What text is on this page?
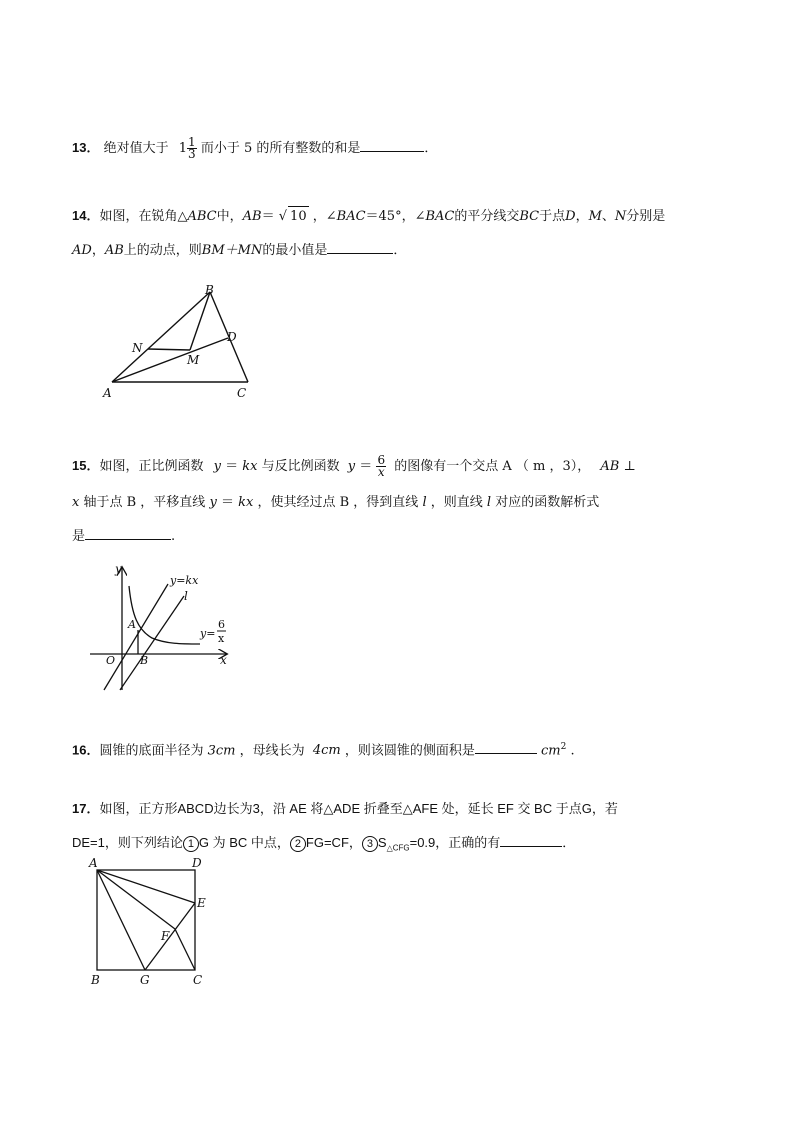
13． 绝对值大于 $1 \frac{1}{3}$ 而小于 5 的所有整数的和是	．
14．如图，在锐角△ABC中，AB＝ √ 10 ，∠BAC＝45°，∠BAC的平分线交BC于点D，M、N分别是
AD，AB上的动点，则BM＋MN的最小值是	．
B
D
N
M
A	C
15．如图，正比例函数 y ＝ kx 与反比例函数 $y = \frac{6}{x}$ 的图像有一个交点 A （ m ，3）， AB ⊥
x 轴于点 B ，平移直线 y ＝ kx ，使其经过点 B ，得到直线 l ，则直线 l 对应的函数解析式
是	.
y
y=kx
l
A
y=
6
x
O B	x
16．圆锥的底面半径为 3cm ，母线长为 4cm ，则该圆锥的侧面积是	$cm^2$ .
17．如图，正方形ABCD边长为3，沿 AE 将△ADE 折叠至△AFE 处，延长 EF 交 BC 于点G，若
DE=1，则下列结论 1 G 为 BC 中点， 2 FG=CF， 3 $S_{\triangle CFG}=0.9$，正确的有	．
A	D
E
F
B	G	C
